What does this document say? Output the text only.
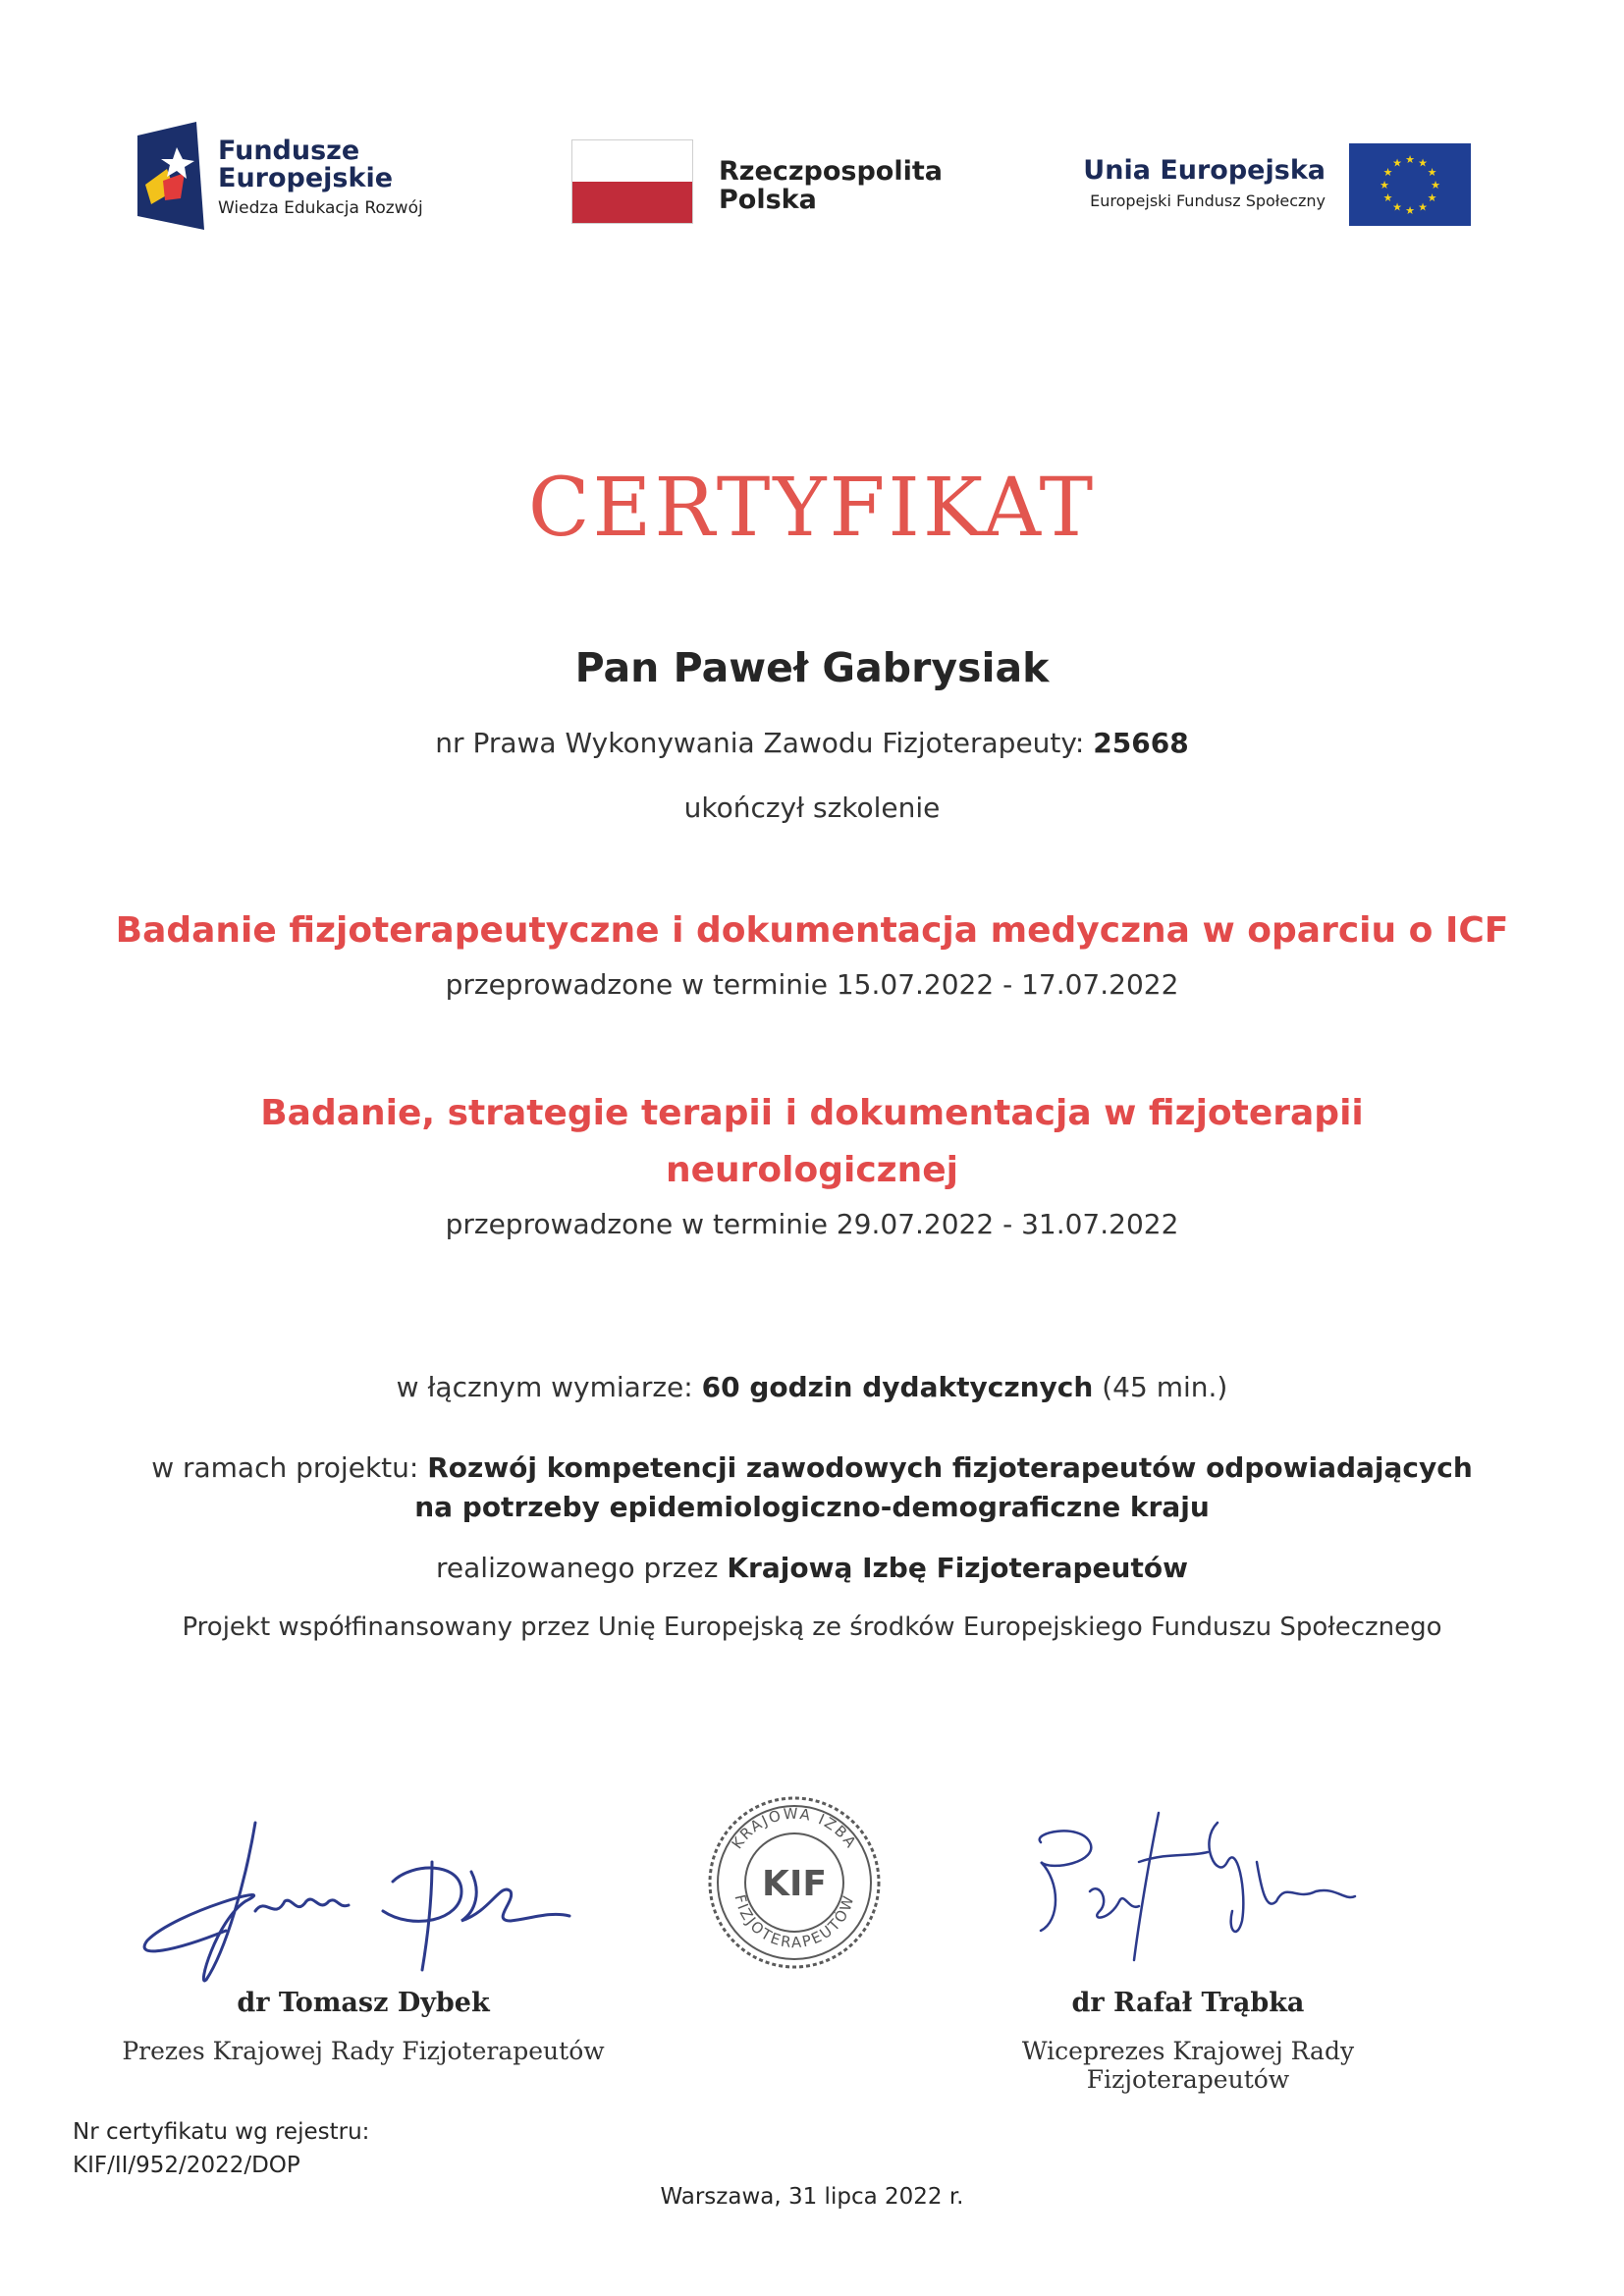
Fundusze
Europejskie
Wiedza Edukacja Rozwój
Rzeczpospolita
Polska
Unia Europejska
Europejski Fundusz Społeczny
★ ★
★
★
★
★
★
★
★
★
★
★
CERTYFIKAT
Pan Paweł Gabrysiak
nr Prawa Wykonywania Zawodu Fizjoterapeuty: 25668
ukończył szkolenie
Badanie fizjoterapeutyczne i dokumentacja medyczna w oparciu o ICF
przeprowadzone w terminie 15.07.2022 - 17.07.2022
Badanie, strategie terapii i dokumentacja w fizjoterapii
neurologicznej
przeprowadzone w terminie 29.07.2022 - 31.07.2022
w łącznym wymiarze: 60 godzin dydaktycznych (45 min.)
w ramach projektu: Rozwój kompetencji zawodowych fizjoterapeutów odpowiadających
na potrzeby epidemiologiczno-demograficzne kraju
realizowanego przez Krajową Izbę Fizjoterapeutów
Projekt współfinansowany przez Unię Europejską ze środków Europejskiego Funduszu Społecznego
dr Tomasz Dybek
Prezes Krajowej Rady Fizjoterapeutów
KRAJOWA IZBA
FIZJOTERAPEUTÓW
KIF
dr Rafał Trąbka
Wiceprezes Krajowej Rady Fizjoterapeutów
Nr certyfikatu wg rejestru:
KIF/II/952/2022/DOP
Warszawa, 31 lipca 2022 r.
